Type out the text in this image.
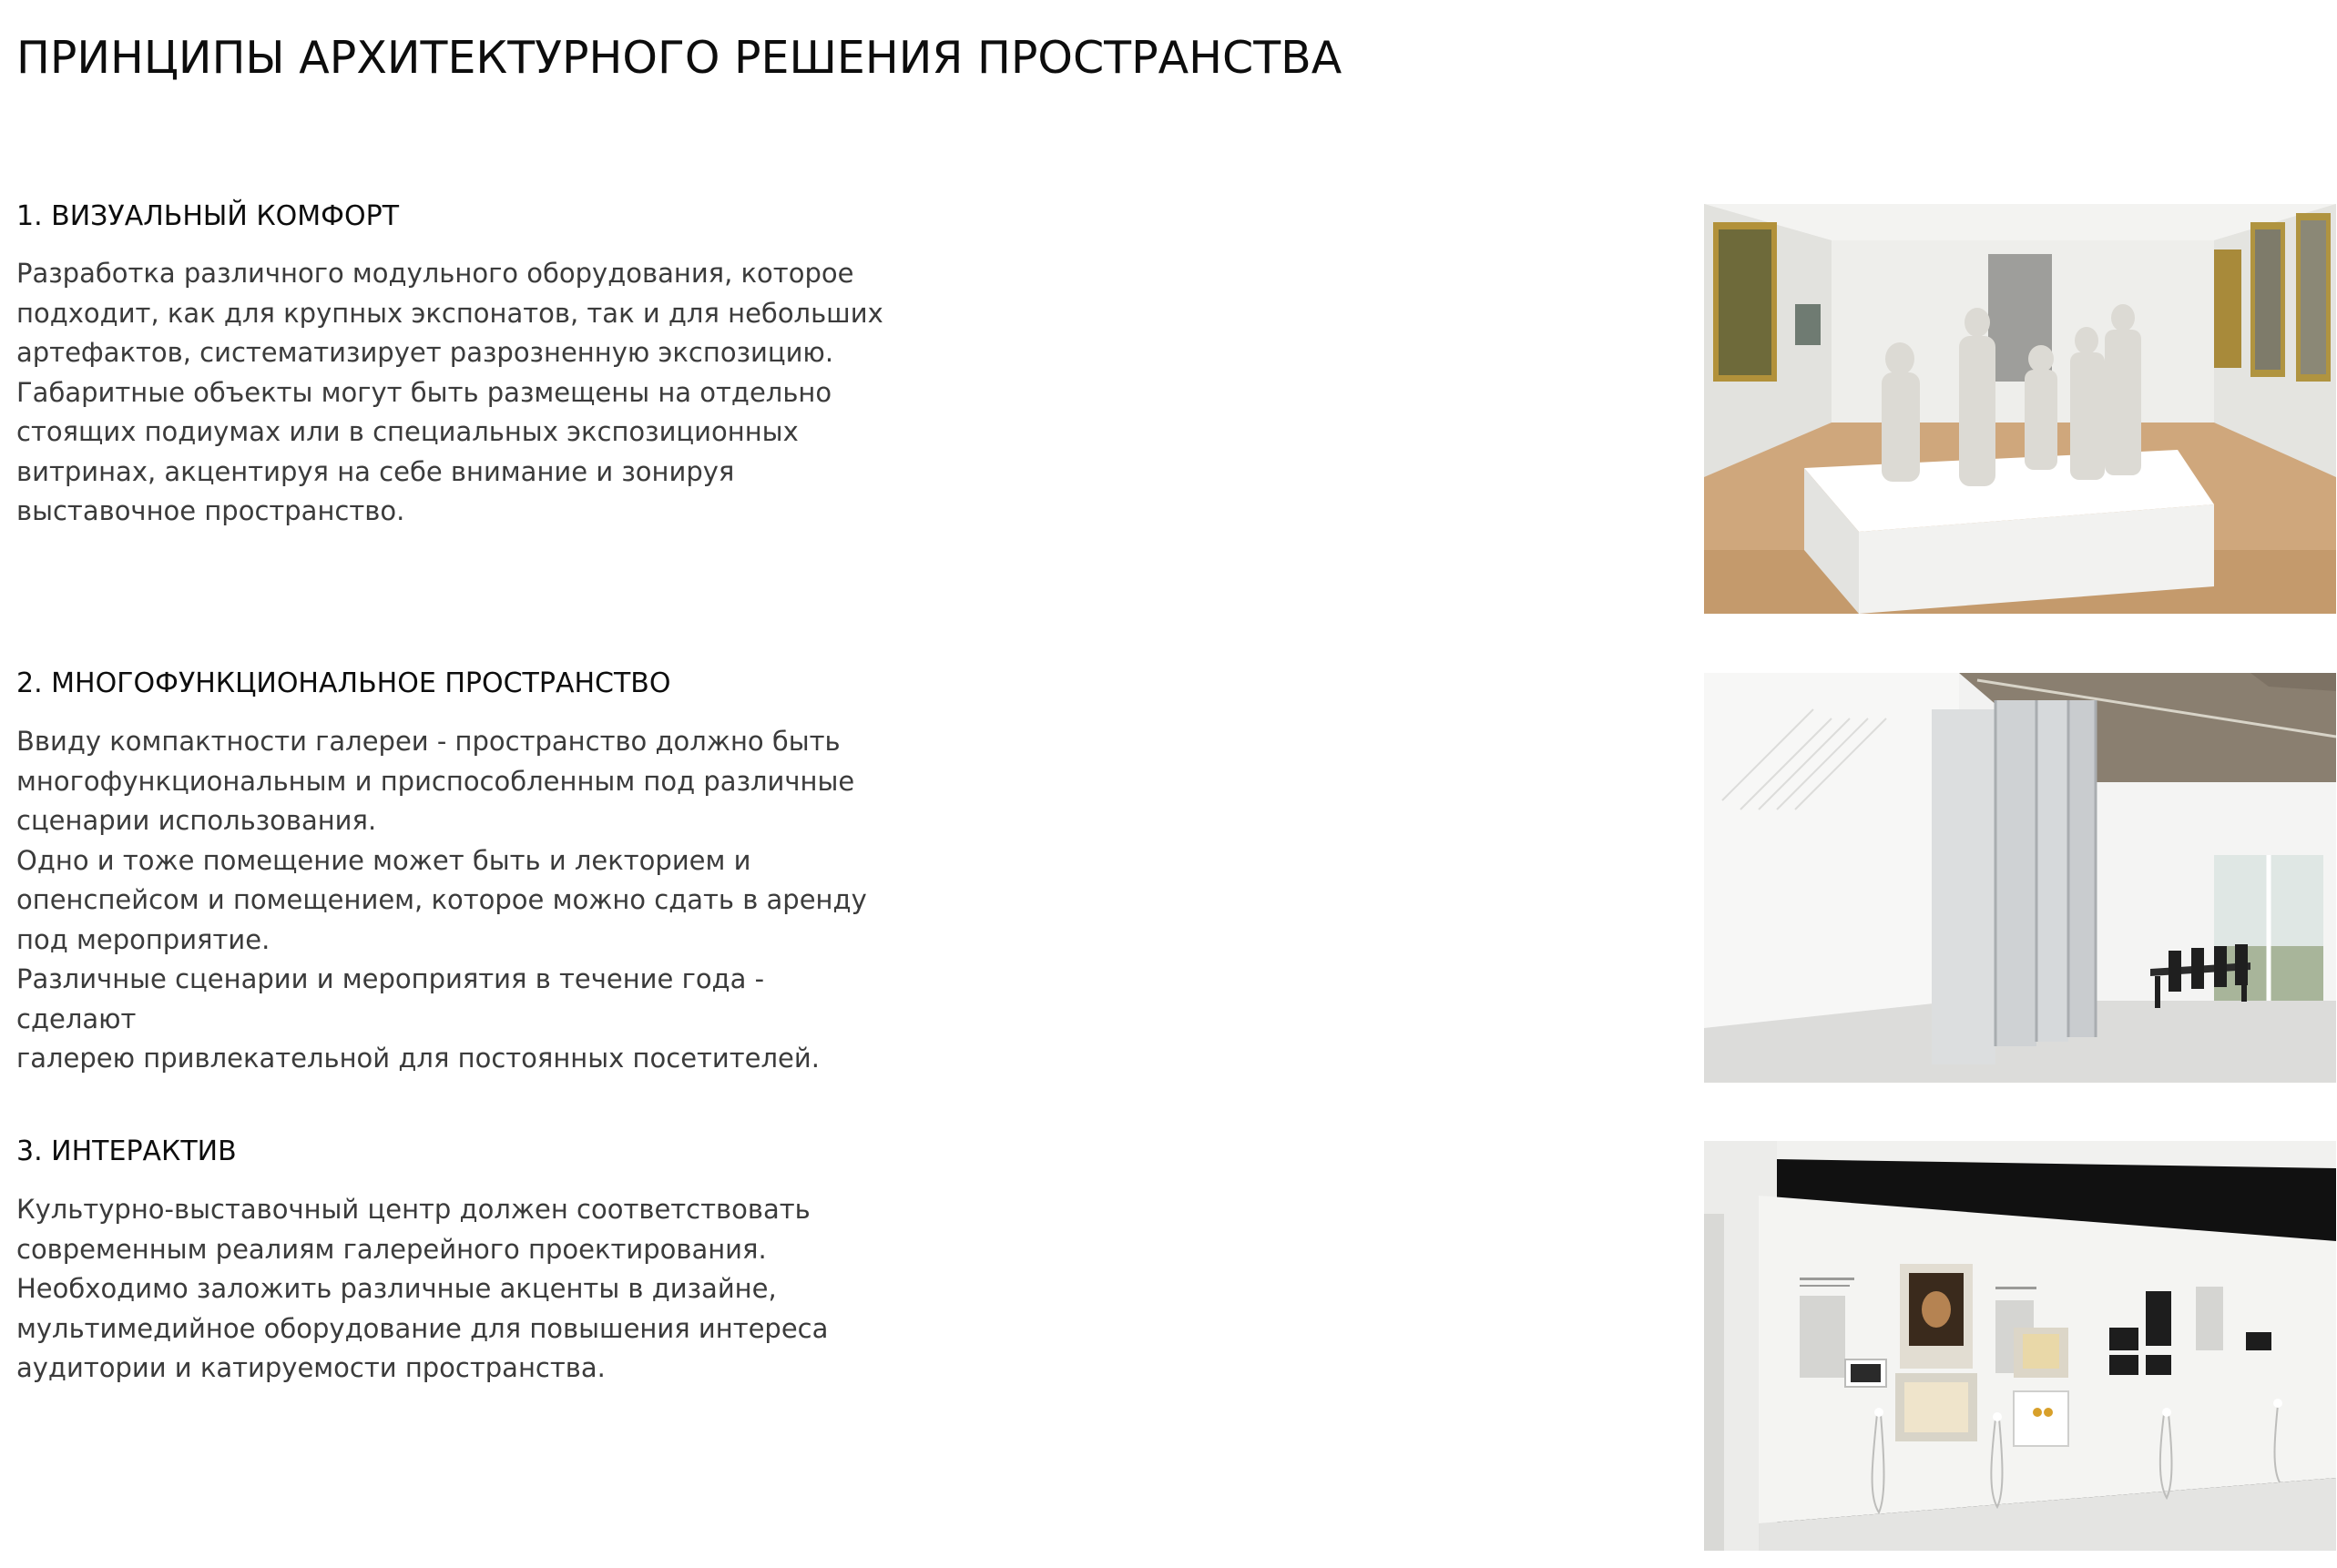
ПРИНЦИПЫ АРХИТЕКТУРНОГО РЕШЕНИЯ ПРОСТРАНСТВА
1. ВИЗУАЛЬНЫЙ КОМФОРТ
Разработка различного модульного оборудования, которое
подходит, как для крупных экспонатов, так и для небольших
артефактов, систематизирует разрозненную экспозицию.
Габаритные объекты могут быть размещены на отдельно
стоящих подиумах или в специальных экспозиционных
витринах, акцентируя на себе внимание и зонируя
выставочное пространство.
2. МНОГОФУНКЦИОНАЛЬНОЕ ПРОСТРАНСТВО
Ввиду компактности галереи - пространство должно быть
многофункциональным и приспособленным под различные
сценарии использования.
Одно и тоже помещение может быть и лекторием и
опенспейсом и помещением, которое можно сдать в аренду
под мероприятие.
Различные сценарии и мероприятия в течение года - сделают
галерею привлекательной для постоянных посетителей.
3. ИНТЕРАКТИВ
Культурно-выставочный центр должен соответствовать
современным реалиям галерейного проектирования.
Необходимо заложить различные акценты в дизайне,
мультимедийное оборудование для повышения интереса
аудитории и катируемости пространства.
